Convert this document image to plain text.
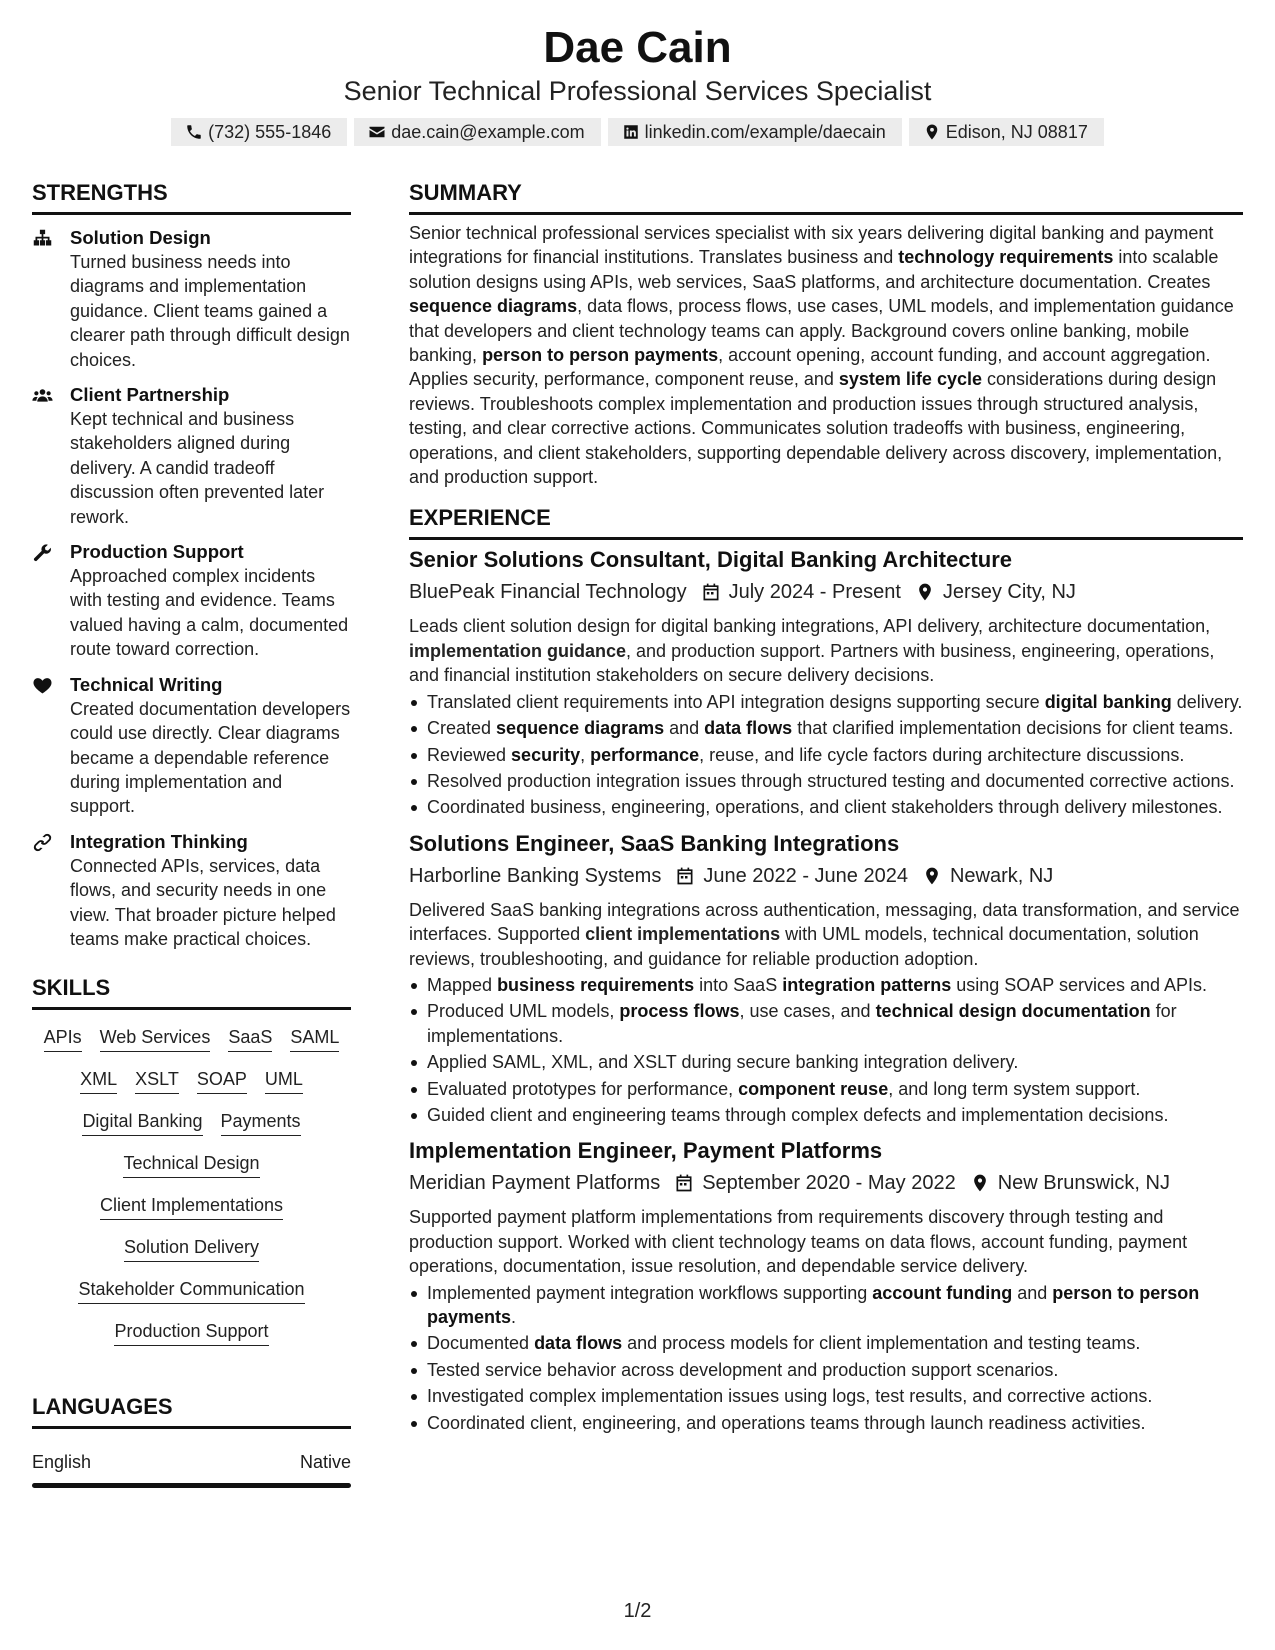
Dae Cain
Senior Technical Professional Services Specialist
(732) 555-1846	dae.cain@example.com	linkedin.com/example/daecain	Edison, NJ 08817
STRENGTHS
Solution Design
Turned business needs into diagrams and implementation guidance. Client teams gained a clearer path through difficult design choices.
Client Partnership
Kept technical and business stakeholders aligned during delivery. A candid tradeoff discussion often prevented later rework.
Production Support
Approached complex incidents with testing and evidence. Teams valued having a calm, documented route toward correction.
Technical Writing
Created documentation developers could use directly. Clear diagrams became a dependable reference during implementation and support.
Integration Thinking
Connected APIs, services, data flows, and security needs in one view. That broader picture helped teams make practical choices.
SKILLS
APIs Web Services SaaS SAML
XML XSLT SOAP UML
Digital Banking Payments
Technical Design
Client Implementations
Solution Delivery
Stakeholder Communication
Production Support
LANGUAGES
English	Native
SUMMARY
Senior technical professional services specialist with six years delivering digital banking and payment integrations for financial institutions. Translates business and technology requirements into scalable solution designs using APIs, web services, SaaS platforms, and architecture documentation. Creates sequence diagrams, data flows, process flows, use cases, UML models, and implementation guidance that developers and client technology teams can apply. Background covers online banking, mobile banking, person to person payments, account opening, account funding, and account aggregation. Applies security, performance, component reuse, and system life cycle considerations during design reviews. Troubleshoots complex implementation and production issues through structured analysis, testing, and clear corrective actions. Communicates solution tradeoffs with business, engineering, operations, and client stakeholders, supporting dependable delivery across discovery, implementation, and production support.
EXPERIENCE
Senior Solutions Consultant, Digital Banking Architecture
BluePeak Financial Technology July 2024 - Present Jersey City, NJ
Leads client solution design for digital banking integrations, API delivery, architecture documentation, implementation guidance, and production support. Partners with business, engineering, operations, and financial institution stakeholders on secure delivery decisions.
Translated client requirements into API integration designs supporting secure digital banking delivery.
Created sequence diagrams and data flows that clarified implementation decisions for client teams.
Reviewed security, performance, reuse, and life cycle factors during architecture discussions.
Resolved production integration issues through structured testing and documented corrective actions.
Coordinated business, engineering, operations, and client stakeholders through delivery milestones.
Solutions Engineer, SaaS Banking Integrations
Harborline Banking Systems June 2022 - June 2024 Newark, NJ
Delivered SaaS banking integrations across authentication, messaging, data transformation, and service interfaces. Supported client implementations with UML models, technical documentation, solution reviews, troubleshooting, and guidance for reliable production adoption.
Mapped business requirements into SaaS integration patterns using SOAP services and APIs.
Produced UML models, process flows, use cases, and technical design documentation for implementations.
Applied SAML, XML, and XSLT during secure banking integration delivery.
Evaluated prototypes for performance, component reuse, and long term system support.
Guided client and engineering teams through complex defects and implementation decisions.
Implementation Engineer, Payment Platforms
Meridian Payment Platforms September 2020 - May 2022 New Brunswick, NJ
Supported payment platform implementations from requirements discovery through testing and production support. Worked with client technology teams on data flows, account funding, payment operations, documentation, issue resolution, and dependable service delivery.
Implemented payment integration workflows supporting account funding and person to person payments.
Documented data flows and process models for client implementation and testing teams.
Tested service behavior across development and production support scenarios.
Investigated complex implementation issues using logs, test results, and corrective actions.
Coordinated client, engineering, and operations teams through launch readiness activities.
1/2
